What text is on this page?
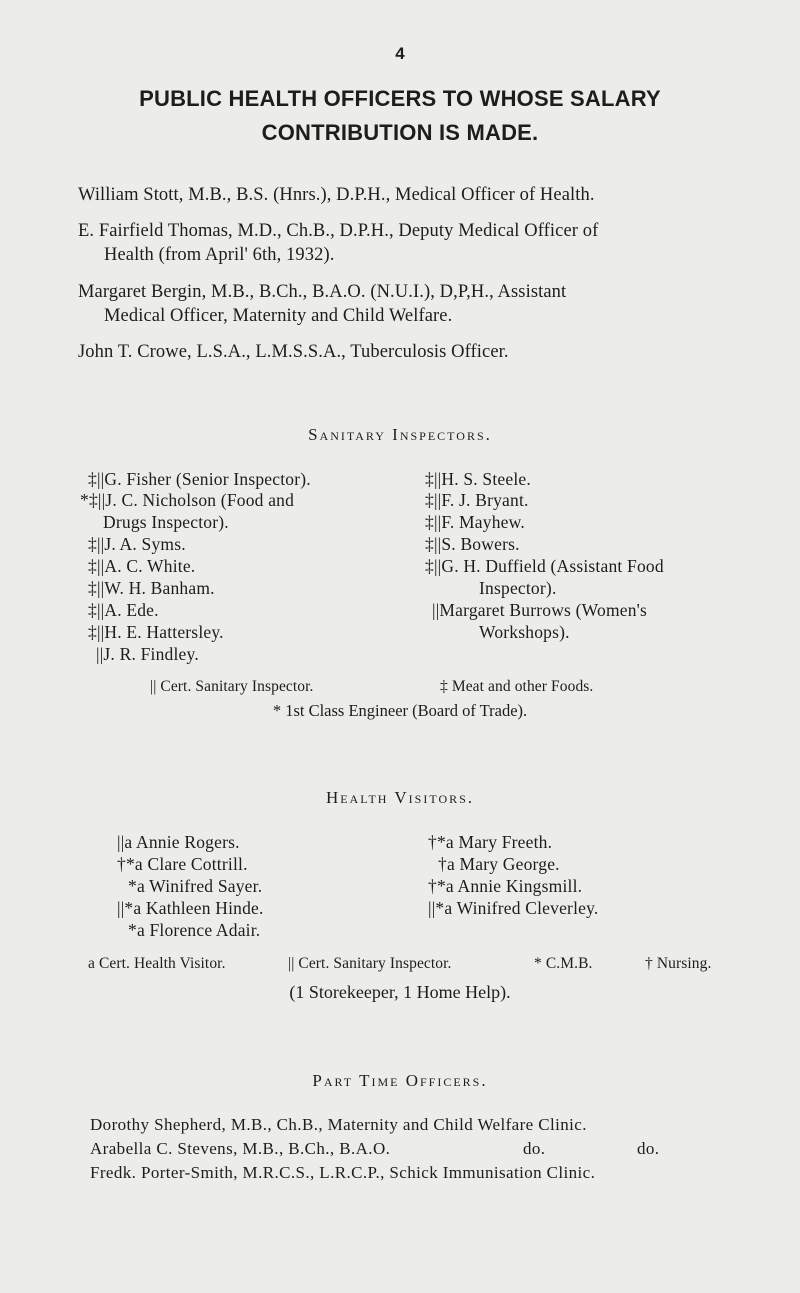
4
PUBLIC HEALTH OFFICERS TO WHOSE SALARY
CONTRIBUTION IS MADE.
William Stott, M.B., B.S. (Hnrs.), D.P.H., Medical Officer of Health.
E. Fairfield Thomas, M.D., Ch.B., D.P.H., Deputy Medical Officer of
Health (from April' 6th, 1932).
Margaret Bergin, M.B., B.Ch., B.A.O. (N.U.I.), D,P,H., Assistant
Medical Officer, Maternity and Child Welfare.
John T. Crowe, L.S.A., L.M.S.S.A., Tuberculosis Officer.
Sanitary Inspectors.
‡||G. Fisher (Senior Inspector).
*‡||J. C. Nicholson (Food and
Drugs Inspector).
‡||J. A. Syms.
‡||A. C. White.
‡||W. H. Banham.
‡||A. Ede.
‡||H. E. Hattersley.
||J. R. Findley.
‡||H. S. Steele.
‡||F. J. Bryant.
‡||F. Mayhew.
‡||S. Bowers.
‡||G. H. Duffield (Assistant Food
Inspector).
||Margaret Burrows (Women's
Workshops).
|| Cert. Sanitary Inspector.	‡ Meat and other Foods.
* 1st Class Engineer (Board of Trade).
Health Visitors.
||a Annie Rogers.
†*a Clare Cottrill.
*a Winifred Sayer.
||*a Kathleen Hinde.
*a Florence Adair.
†*a Mary Freeth.
†a Mary George.
†*a Annie Kingsmill.
||*a Winifred Cleverley.
a Cert. Health Visitor.	|| Cert. Sanitary Inspector.	* C.M.B.	† Nursing.
(1 Storekeeper, 1 Home Help).
Part Time Officers.
Dorothy Shepherd, M.B., Ch.B., Maternity and Child Welfare Clinic.
Arabella C. Stevens, M.B., B.Ch., B.A.O.	do.	do.
Fredk. Porter-Smith, M.R.C.S., L.R.C.P., Schick Immunisation Clinic.
